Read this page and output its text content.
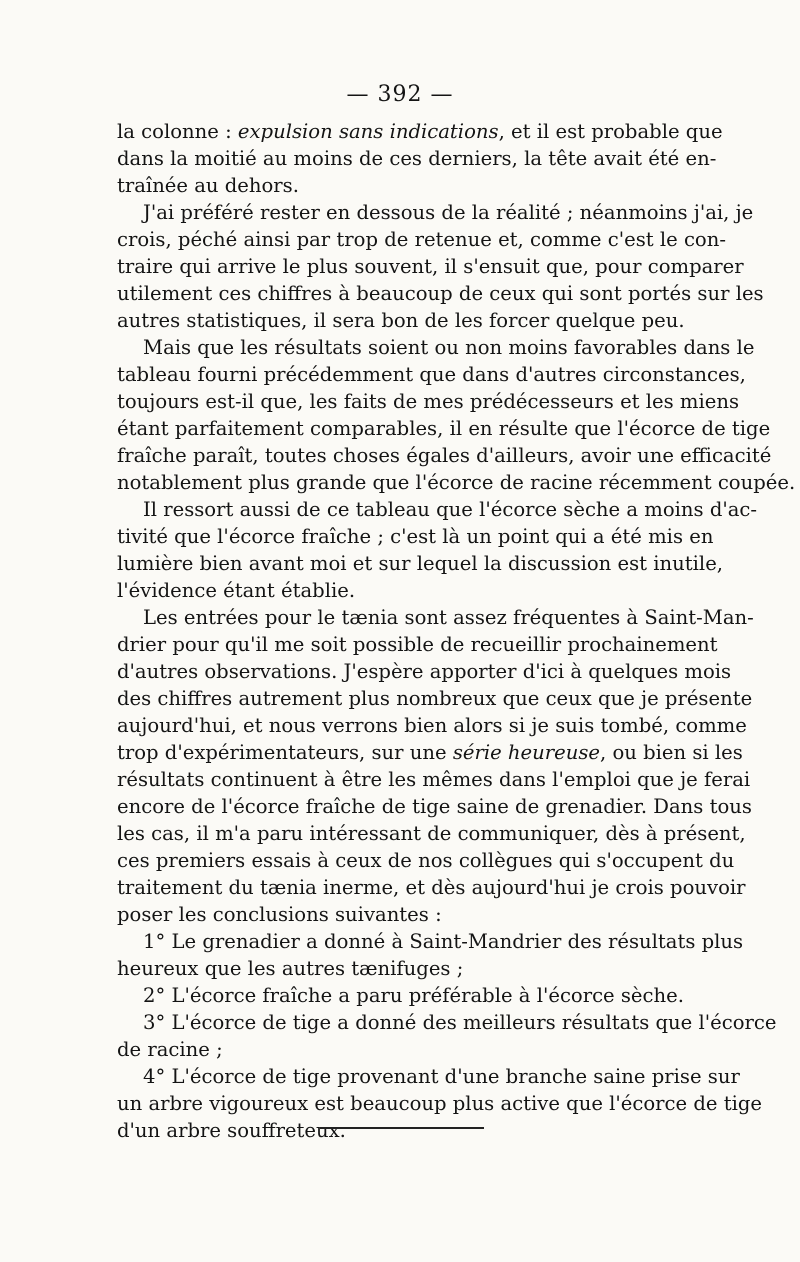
— 392 —
la colonne : expulsion sans indications, et il est probable que
dans la moitié au moins de ces derniers, la tête avait été en-
traînée au dehors.
J'ai préféré rester en dessous de la réalité ; néanmoins j'ai, je
crois, péché ainsi par trop de retenue et, comme c'est le con-
traire qui arrive le plus souvent, il s'ensuit que, pour comparer
utilement ces chiffres à beaucoup de ceux qui sont portés sur les
autres statistiques, il sera bon de les forcer quelque peu.
Mais que les résultats soient ou non moins favorables dans le
tableau fourni précédemment que dans d'autres circonstances,
toujours est-il que, les faits de mes prédécesseurs et les miens
étant parfaitement comparables, il en résulte que l'écorce de tige
fraîche paraît, toutes choses égales d'ailleurs, avoir une efficacité
notablement plus grande que l'écorce de racine récemment coupée.
Il ressort aussi de ce tableau que l'écorce sèche a moins d'ac-
tivité que l'écorce fraîche ; c'est là un point qui a été mis en
lumière bien avant moi et sur lequel la discussion est inutile,
l'évidence étant établie.
Les entrées pour le tænia sont assez fréquentes à Saint-Man-
drier pour qu'il me soit possible de recueillir prochainement
d'autres observations. J'espère apporter d'ici à quelques mois
des chiffres autrement plus nombreux que ceux que je présente
aujourd'hui, et nous verrons bien alors si je suis tombé, comme
trop d'expérimentateurs, sur une série heureuse, ou bien si les
résultats continuent à être les mêmes dans l'emploi que je ferai
encore de l'écorce fraîche de tige saine de grenadier. Dans tous
les cas, il m'a paru intéressant de communiquer, dès à présent,
ces premiers essais à ceux de nos collègues qui s'occupent du
traitement du tænia inerme, et dès aujourd'hui je crois pouvoir
poser les conclusions suivantes :
1° Le grenadier a donné à Saint-Mandrier des résultats plus
heureux que les autres tænifuges ;
2° L'écorce fraîche a paru préférable à l'écorce sèche.
3° L'écorce de tige a donné des meilleurs résultats que l'écorce
de racine ;
4° L'écorce de tige provenant d'une branche saine prise sur
un arbre vigoureux est beaucoup plus active que l'écorce de tige
d'un arbre souffreteux.
